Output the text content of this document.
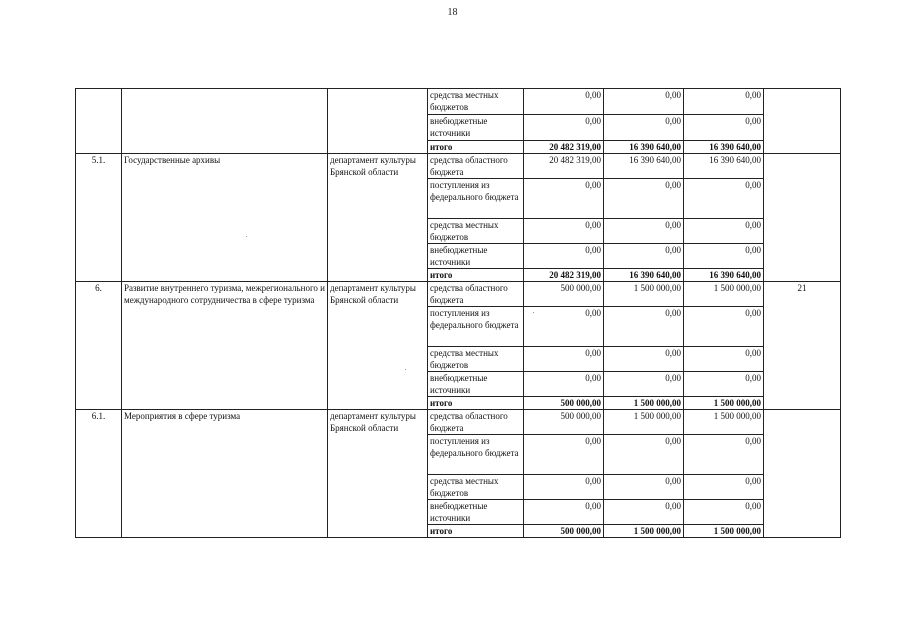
18
			средства местных бюджетов	0,00	0,00	0,00	
			внебюджетные источники	0,00	0,00	0,00	
			итого	20 482 319,00	16 390 640,00	16 390 640,00	
5.1.	Государственные архивы	департамент культуры Брянской области	средства областного бюджета	20 482 319,00	16 390 640,00	16 390 640,00	
			поступления из федерального бюджета	0,00	0,00	0,00	
			средства местных бюджетов	0,00	0,00	0,00	
			внебюджетные источники	0,00	0,00	0,00	
			итого	20 482 319,00	16 390 640,00	16 390 640,00	
6.	Развитие внутреннего туризма, межрегионального и международного сотрудничества в сфере туризма	департамент культуры Брянской области	средства областного бюджета	500 000,00	1 500 000,00	1 500 000,00	21
			поступления из федерального бюджета	0,00	0,00	0,00	
			средства местных бюджетов	0,00	0,00	0,00	
			внебюджетные источники	0,00	0,00	0,00	
			итого	500 000,00	1 500 000,00	1 500 000,00	
6.1.	Мероприятия в сфере туризма	департамент культуры Брянской области	средства областного бюджета	500 000,00	1 500 000,00	1 500 000,00	
			поступления из федерального бюджета	0,00	0,00	0,00	
			средства местных бюджетов	0,00	0,00	0,00	
			внебюджетные источники	0,00	0,00	0,00	
			итого	500 000,00	1 500 000,00	1 500 000,00	
